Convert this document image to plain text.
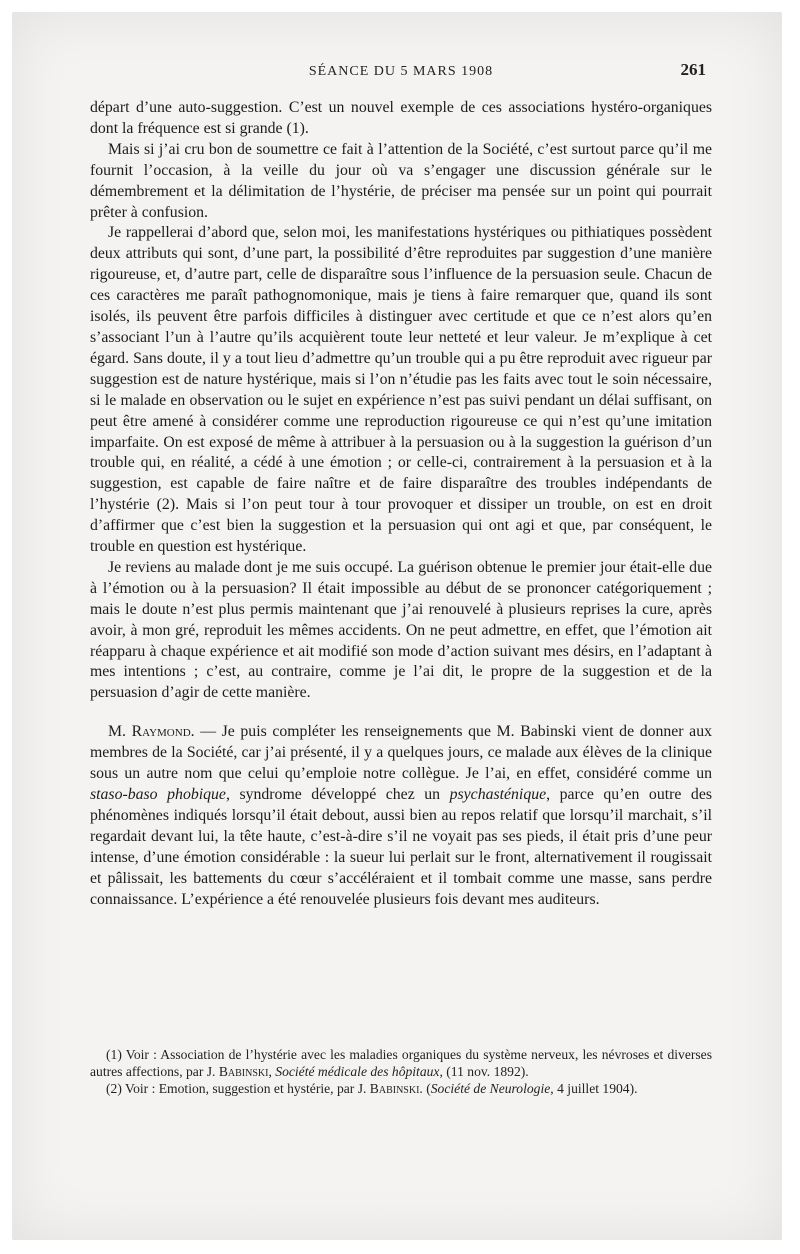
SÉANCE DU 5 MARS 1908	261

départ d’une auto-suggestion. C’est un nouvel exemple de ces associations hystéro-organiques dont la fréquence est si grande (1).

Mais si j’ai cru bon de soumettre ce fait à l’attention de la Société, c’est surtout parce qu’il me fournit l’occasion, à la veille du jour où va s’engager une discussion générale sur le démembrement et la délimitation de l’hystérie, de préciser ma pensée sur un point qui pourrait prêter à confusion.

Je rappellerai d’abord que, selon moi, les manifestations hystériques ou pithiatiques possèdent deux attributs qui sont, d’une part, la possibilité d’être reproduites par suggestion d’une manière rigoureuse, et, d’autre part, celle de disparaître sous l’influence de la persuasion seule. Chacun de ces caractères me paraît pathognomonique, mais je tiens à faire remarquer que, quand ils sont isolés, ils peuvent être parfois difficiles à distinguer avec certitude et que ce n’est alors qu’en s’associant l’un à l’autre qu’ils acquièrent toute leur netteté et leur valeur. Je m’explique à cet égard. Sans doute, il y a tout lieu d’admettre qu’un trouble qui a pu être reproduit avec rigueur par suggestion est de nature hystérique, mais si l’on n’étudie pas les faits avec tout le soin nécessaire, si le malade en observation ou le sujet en expérience n’est pas suivi pendant un délai suffisant, on peut être amené à considérer comme une reproduction rigoureuse ce qui n’est qu’une imitation imparfaite. On est exposé de même à attribuer à la persuasion ou à la suggestion la guérison d’un trouble qui, en réalité, a cédé à une émotion ; or celle-ci, contrairement à la persuasion et à la suggestion, est capable de faire naître et de faire disparaître des troubles indépendants de l’hystérie (2). Mais si l’on peut tour à tour provoquer et dissiper un trouble, on est en droit d’affirmer que c’est bien la suggestion et la persuasion qui ont agi et que, par conséquent, le trouble en question est hystérique.

Je reviens au malade dont je me suis occupé. La guérison obtenue le premier jour était-elle due à l’émotion ou à la persuasion? Il était impossible au début de se prononcer catégoriquement ; mais le doute n’est plus permis maintenant que j’ai renouvelé à plusieurs reprises la cure, après avoir, à mon gré, reproduit les mêmes accidents. On ne peut admettre, en effet, que l’émotion ait réapparu à chaque expérience et ait modifié son mode d’action suivant mes désirs, en l’adaptant à mes intentions ; c’est, au contraire, comme je l’ai dit, le propre de la suggestion et de la persuasion d’agir de cette manière.

M. Raymond. — Je puis compléter les renseignements que M. Babinski vient de donner aux membres de la Société, car j’ai présenté, il y a quelques jours, ce malade aux élèves de la clinique sous un autre nom que celui qu’emploie notre collègue. Je l’ai, en effet, considéré comme un staso-baso phobique, syndrome développé chez un psychasténique, parce qu’en outre des phénomènes indiqués lorsqu’il était debout, aussi bien au repos relatif que lorsqu’il marchait, s’il regardait devant lui, la tête haute, c’est-à-dire s’il ne voyait pas ses pieds, il était pris d’une peur intense, d’une émotion considérable : la sueur lui perlait sur le front, alternativement il rougissait et pâlissait, les battements du cœur s’accéléraient et il tombait comme une masse, sans perdre connaissance. L’expérience a été renouvelée plusieurs fois devant mes auditeurs.

(1) Voir : Association de l’hystérie avec les maladies organiques du système nerveux, les névroses et diverses autres affections, par J. Babinski, Société médicale des hôpitaux, (11 nov. 1892).

(2) Voir : Emotion, suggestion et hystérie, par J. Babinski. (Société de Neurologie, 4 juillet 1904).
